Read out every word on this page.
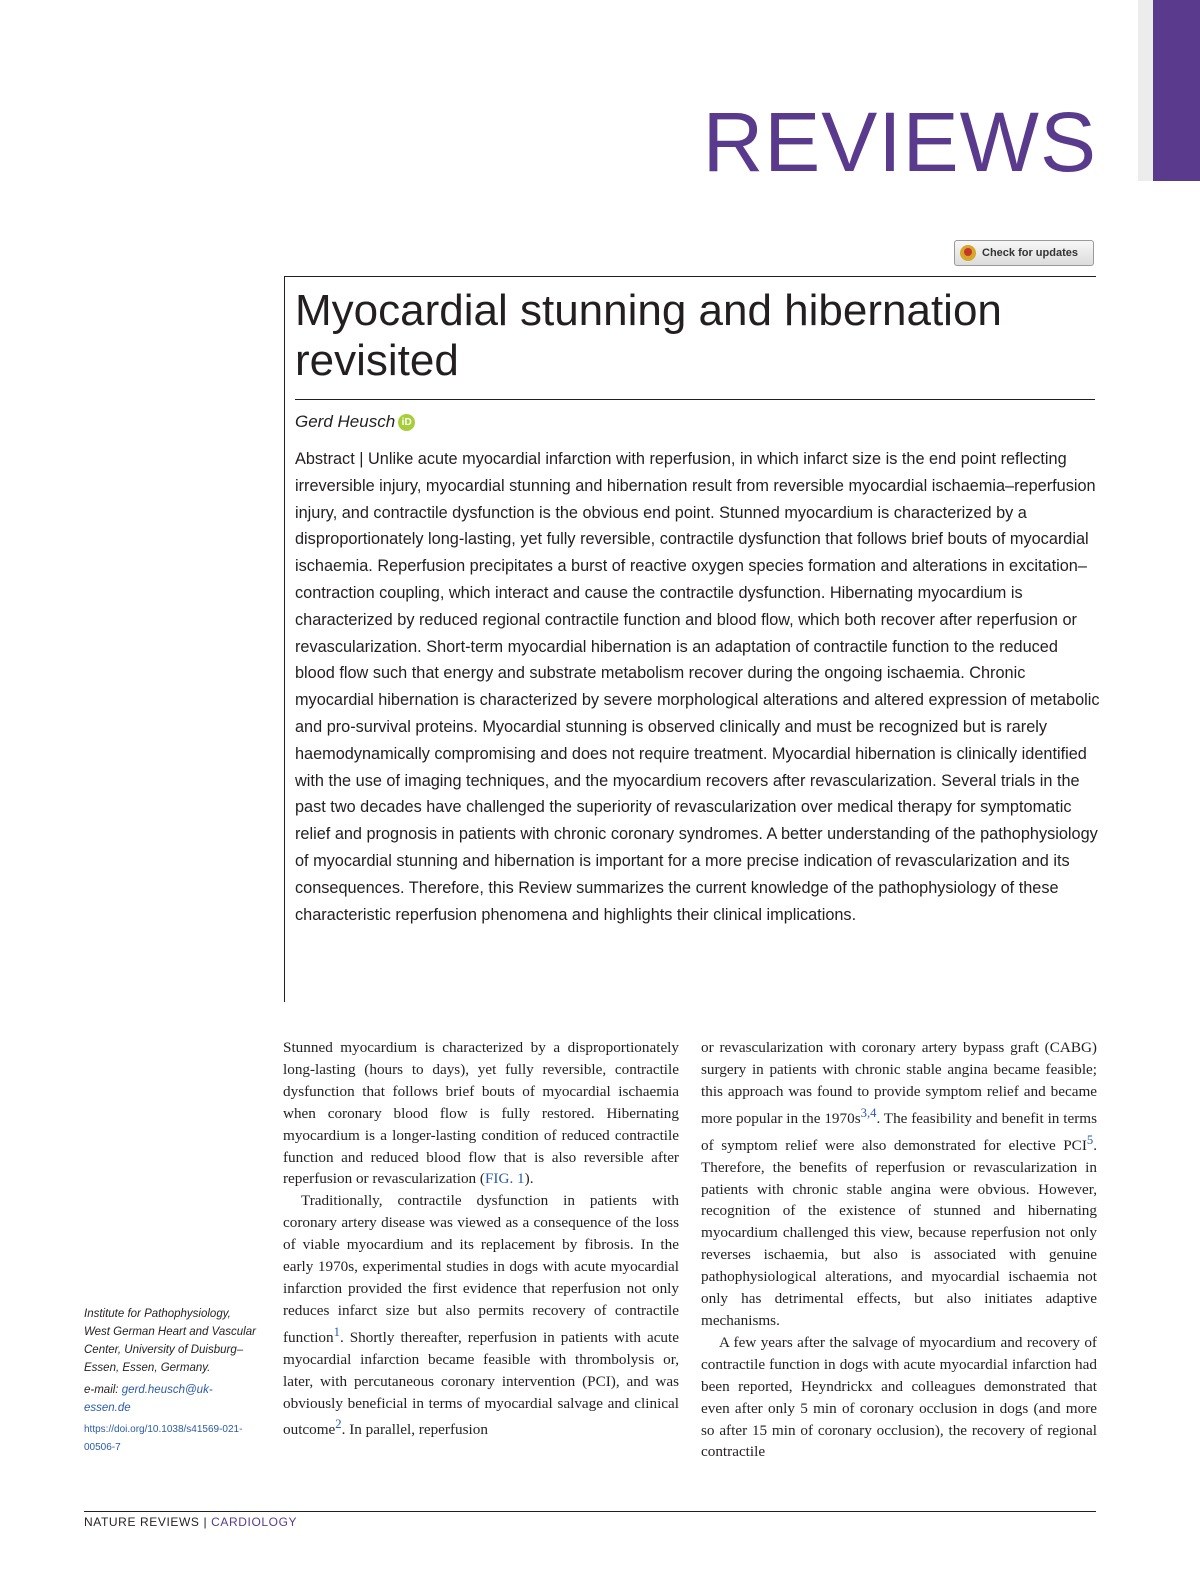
REVIEWS
Check for updates
Myocardial stunning and hibernation
revisited
Gerd Heusch iD

Abstract | Unlike acute myocardial infarction with reperfusion, in which infarct size is the end point reflecting irreversible injury, myocardial stunning and hibernation result from reversible myocardial ischaemia–reperfusion injury, and contractile dysfunction is the obvious end point. Stunned myocardium is characterized by a disproportionately long-lasting, yet fully reversible, contractile dysfunction that follows brief bouts of myocardial ischaemia. Reperfusion precipitates a burst of reactive oxygen species formation and alterations in excitation–contraction coupling, which interact and cause the contractile dysfunction. Hibernating myocardium is characterized by reduced regional contractile function and blood flow, which both recover after reperfusion or revascularization. Short-term myocardial hibernation is an adaptation of contractile function to the reduced blood flow such that energy and substrate metabolism recover during the ongoing ischaemia. Chronic myocardial hibernation is characterized by severe morphological alterations and altered expression of metabolic and pro-survival proteins. Myocardial stunning is observed clinically and must be recognized but is rarely haemodynamically compromising and does not require treatment. Myocardial hibernation is clinically identified with the use of imaging techniques, and the myocardium recovers after revascularization. Several trials in the past two decades have challenged the superiority of revascularization over medical therapy for symptomatic relief and prognosis in patients with chronic coronary syndromes. A better understanding of the pathophysiology of myocardial stunning and hibernation is important for a more precise indication of revascularization and its consequences. Therefore, this Review summarizes the current knowledge of the pathophysiology of these characteristic reperfusion phenomena and highlights their clinical implications.

Stunned myocardium is characterized by a disproportionately long-lasting (hours to days), yet fully reversible, contractile dysfunction that follows brief bouts of myocardial ischaemia when coronary blood flow is fully restored. Hibernating myocardium is a longer-lasting condition of reduced contractile function and reduced blood flow that is also reversible after reperfusion or revascularization (FIG. 1).

Traditionally, contractile dysfunction in patients with coronary artery disease was viewed as a consequence of the loss of viable myocardium and its replacement by fibrosis. In the early 1970s, experimental studies in dogs with acute myocardial infarction provided the first evidence that reperfusion not only reduces infarct size but also permits recovery of contractile function$^1$. Shortly thereafter, reperfusion in patients with acute myocardial infarction became feasible with thrombolysis or, later, with percutaneous coronary intervention (PCI), and was obviously beneficial in terms of myocardial salvage and clinical outcome$^2$. In parallel, reperfusion

or revascularization with coronary artery bypass graft (CABG) surgery in patients with chronic stable angina became feasible; this approach was found to provide symptom relief and became more popular in the $1970s^{3,4}$. The feasibility and benefit in terms of symptom relief were also demonstrated for elective PCI$^5$. Therefore, the benefits of reperfusion or revascularization in patients with chronic stable angina were obvious. However, recognition of the existence of stunned and hibernating myocardium challenged this view, because reperfusion not only reverses ischaemia, but also is associated with genuine pathophysiological alterations, and myocardial ischaemia not only has detrimental effects, but also initiates adaptive mechanisms.

A few years after the salvage of myocardium and recovery of contractile function in dogs with acute myocardial infarction had been reported, Heyndrickx and colleagues demonstrated that even after only 5 min of coronary occlusion in dogs (and more so after 15 min of coronary occlusion), the recovery of regional contractile

Institute for Pathophysiology, West German Heart and Vascular Center, University of Duisburg–Essen, Essen, Germany.

e-mail: gerd.heusch@uk-essen.de

https://doi.org/10.1038/s41569-021-00506-7

NATURE REVIEWS | CARDIOLOGY
